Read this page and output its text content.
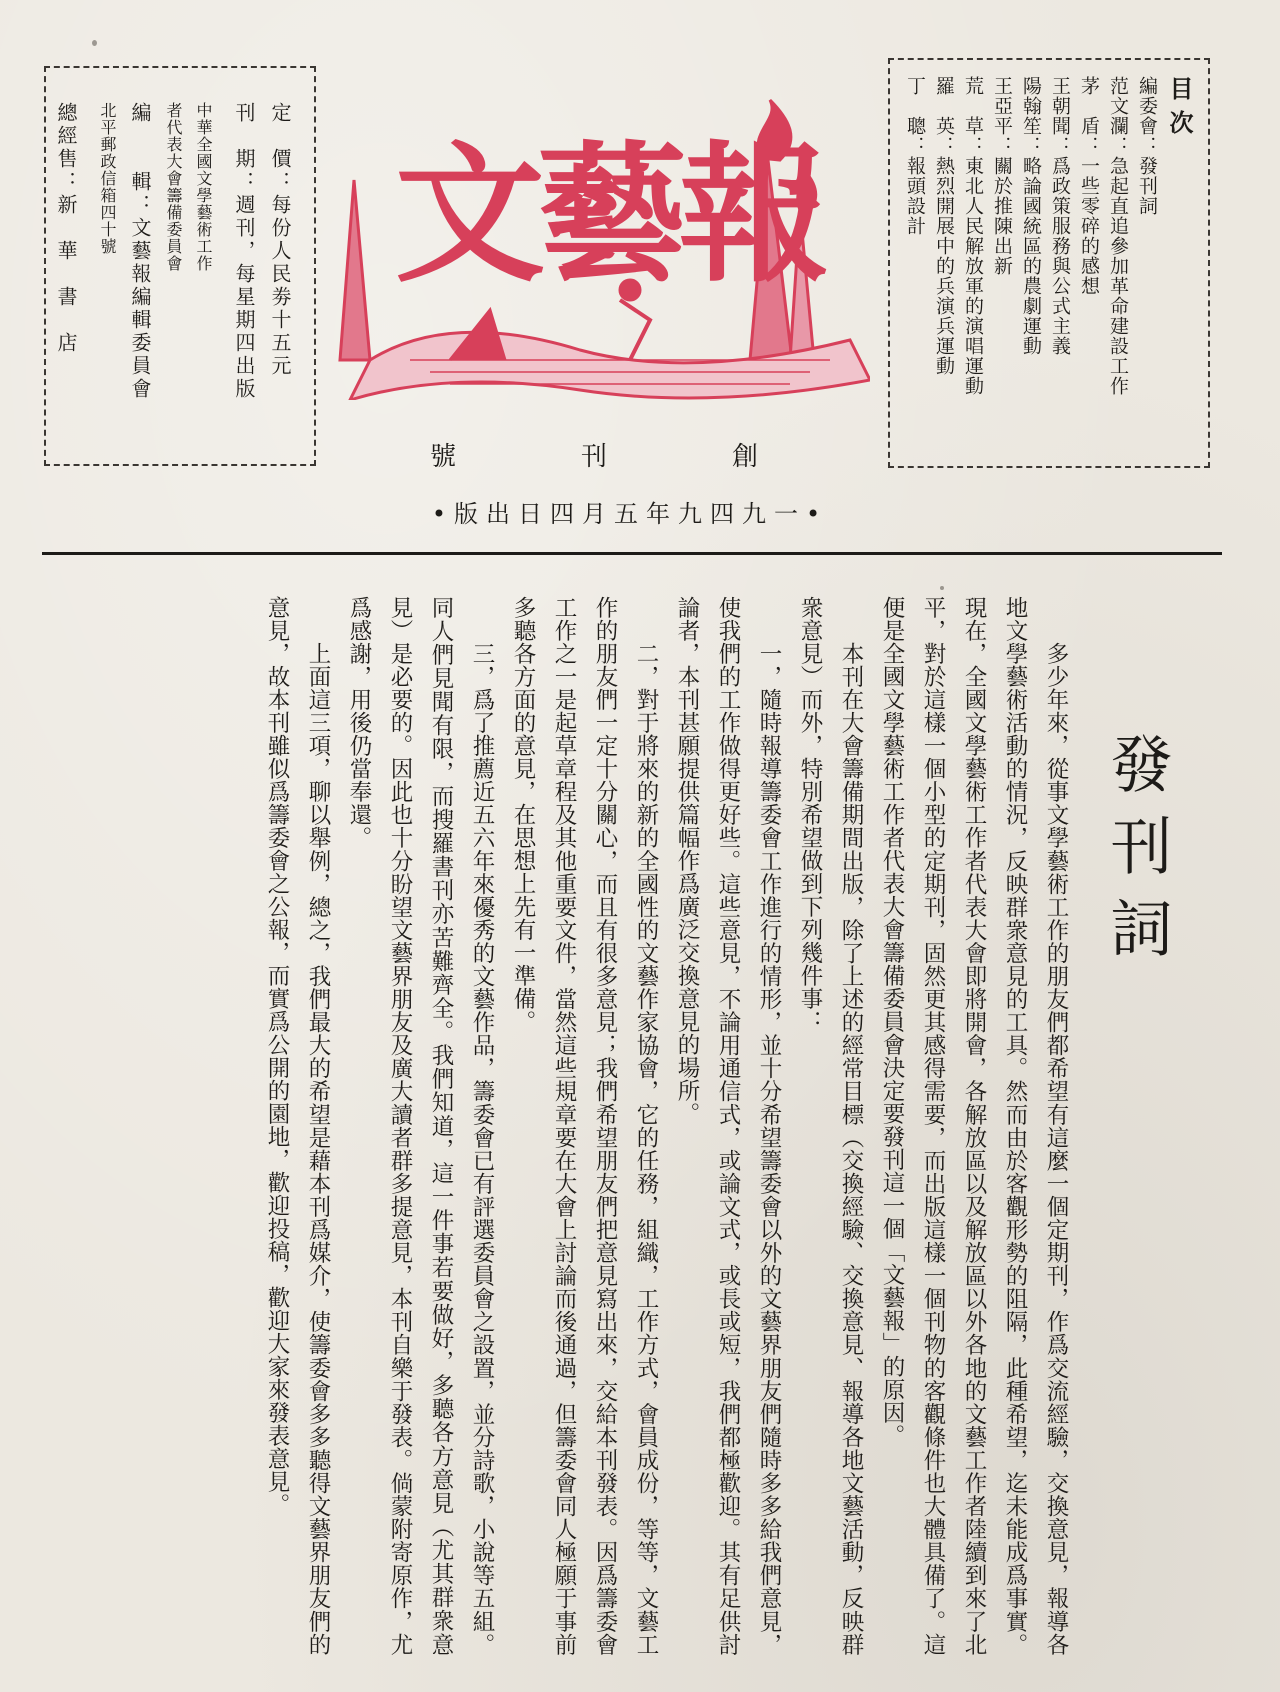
定　價：每份人民劵十五元
刊　期：週刊，每星期四出版
中華全國文學藝術工作
者代表大會籌備委員會
編　　輯：文藝報編輯委員會
北平郵政信箱四十號
總經售：新　華　書　店 文藝報
號	刊	創
•一九四九年五月四日出版•
目次
編委會：發刊詞
范文瀾：急起直追參加革命建設工作
茅　盾：一些零碎的感想
王朝聞：爲政策服務與公式主義
陽翰笙：略論國統區的農劇運動
王亞平：關於推陳出新
荒　草：東北人民解放軍的演唱運動
羅　英：熱烈開展中的兵演兵運動
丁　聰：報頭設計
發刊詞
　　多少年來，從事文學藝術工作的朋友們都希望有這麼一個定期刊，作爲交流經驗，交換意見，報導各地文學藝術活動的情況，反映群衆意見的工具。然而由於客觀形勢的阻隔，此種希望，迄未能成爲事實。現在，全國文學藝術工作者代表大會即將開會，各解放區以及解放區以外各地的文藝工作者陸續到來了北平，對於這樣一個小型的定期刊，固然更其感得需要，而出版這樣一個刊物的客觀條件也大體具備了。這便是全國文學藝術工作者代表大會籌備委員會決定要發刊這一個「文藝報」的原因。
　　本刊在大會籌備期間出版，除了上述的經常目標（交換經驗、交換意見、報導各地文藝活動，反映群衆意見）而外，特別希望做到下列幾件事：
　　一，隨時報導籌委會工作進行的情形，並十分希望籌委會以外的文藝界朋友們隨時多多給我們意見，使我們的工作做得更好些。這些意見，不論用通信式，或論文式，或長或短，我們都極歡迎。其有足供討論者，本刊甚願提供篇幅作爲廣泛交換意見的場所。
　　二，對于將來的新的全國性的文藝作家協會，它的任務，組織，工作方式，會員成份，等等，文藝工作的朋友們一定十分關心，而且有很多意見；我們希望朋友們把意見寫出來，交給本刊發表。因爲籌委會工作之一是起草章程及其他重要文件，當然這些規章要在大會上討論而後通過，但籌委會同人極願于事前多聽各方面的意見，在思想上先有一準備。
　　三，爲了推薦近五六年來優秀的文藝作品，籌委會已有評選委員會之設置，並分詩歌，小說等五組。同人們見聞有限，而搜羅書刊亦苦難齊全。我們知道，這一件事若要做好，多聽各方意見（尤其群衆意見）是必要的。因此也十分盼望文藝界朋友及廣大讀者群多提意見，本刊自樂于發表。倘蒙附寄原作，尤爲感謝，用後仍當奉還。
　　上面這三項，聊以舉例，總之，我們最大的希望是藉本刊爲媒介，使籌委會多多聽得文藝界朋友們的意見，故本刊雖似爲籌委會之公報，而實爲公開的園地，歡迎投稿，歡迎大家來發表意見。
